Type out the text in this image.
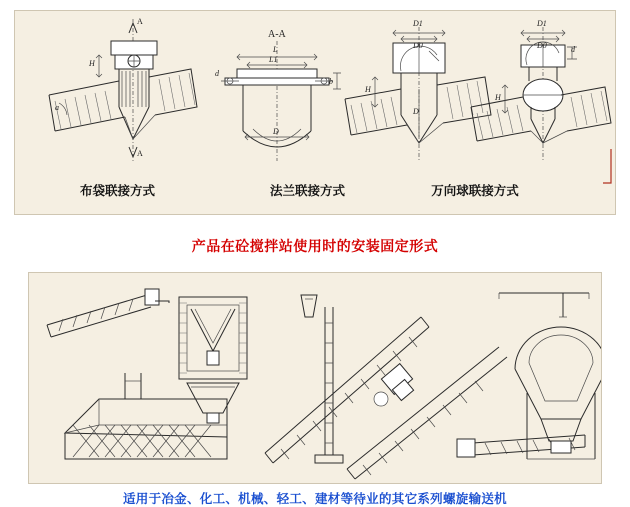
A
A
H
a
A-A
L
L1
D
d
b
D1
D0
D
H
D1
D0	d
H
布袋联接方式	法兰联接方式	万向球联接方式
产品在砼搅拌站使用时的安装固定形式
适用于冶金、化工、机械、轻工、建材等待业的其它系列螺旋输送机
